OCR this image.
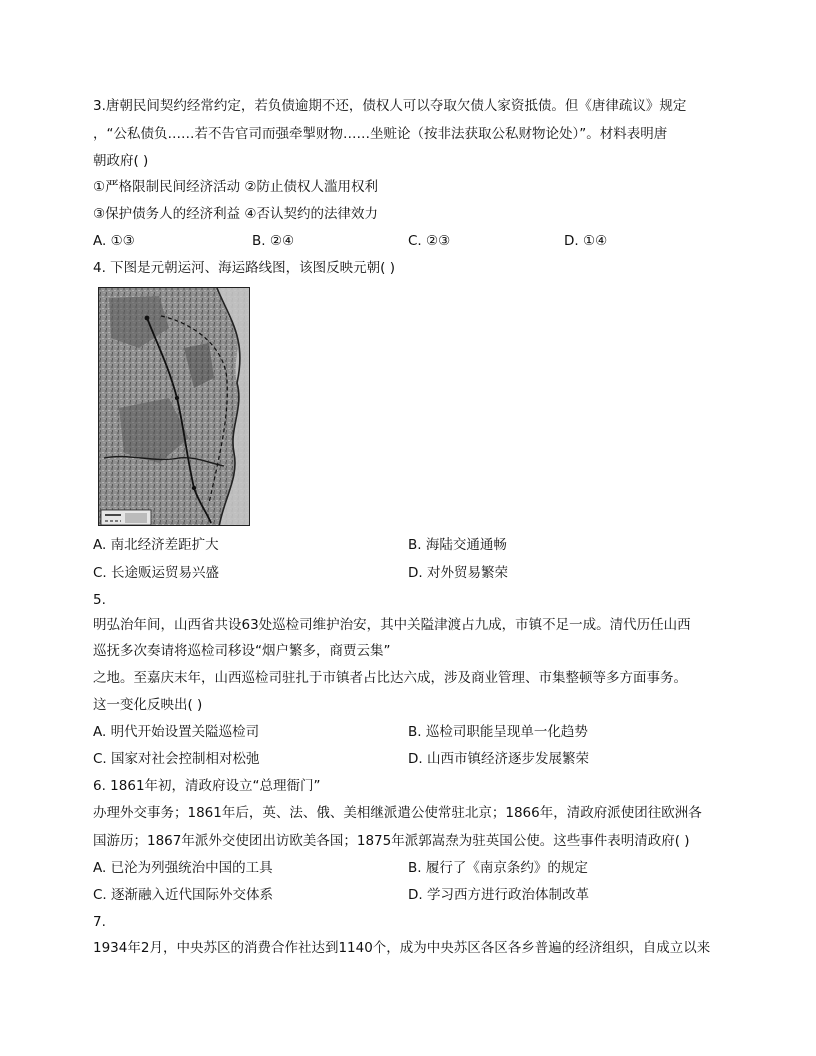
3.唐朝民间契约经常约定，若负债逾期不还，债权人可以夺取欠债人家资抵债。但《唐律疏议》规定
，“公私债负……若不告官司而强牵掣财物……坐赃论（按非法获取公私财物论处）”。材料表明唐
朝政府( )
①严格限制民间经济活动 ②防止债权人滥用权利
③保护债务人的经济利益 ④否认契约的法律效力
A. ①③	B. ②④	C. ②③	D. ①④
4. 下图是元朝运河、海运路线图，该图反映元朝( )
A. 南北经济差距扩大	B. 海陆交通通畅
C. 长途贩运贸易兴盛	D. 对外贸易繁荣
5.
明弘治年间，山西省共设63处巡检司维护治安，其中关隘津渡占九成，市镇不足一成。清代历任山西
巡抚多次奏请将巡检司移设“烟户繁多，商贾云集”
之地。至嘉庆末年，山西巡检司驻扎于市镇者占比达六成，涉及商业管理、市集整顿等多方面事务。
这一变化反映出( )
A. 明代开始设置关隘巡检司	B. 巡检司职能呈现单一化趋势
C. 国家对社会控制相对松弛	D. 山西市镇经济逐步发展繁荣
6. 1861年初，清政府设立“总理衙门”
办理外交事务；1861年后，英、法、俄、美相继派遣公使常驻北京；1866年，清政府派使团往欧洲各
国游历；1867年派外交使团出访欧美各国；1875年派郭嵩焘为驻英国公使。这些事件表明清政府( )
A. 已沦为列强统治中国的工具	B. 履行了《南京条约》的规定
C. 逐渐融入近代国际外交体系	D. 学习西方进行政治体制改革
7.
1934年2月，中央苏区的消费合作社达到1140个，成为中央苏区各区各乡普遍的经济组织，自成立以来
